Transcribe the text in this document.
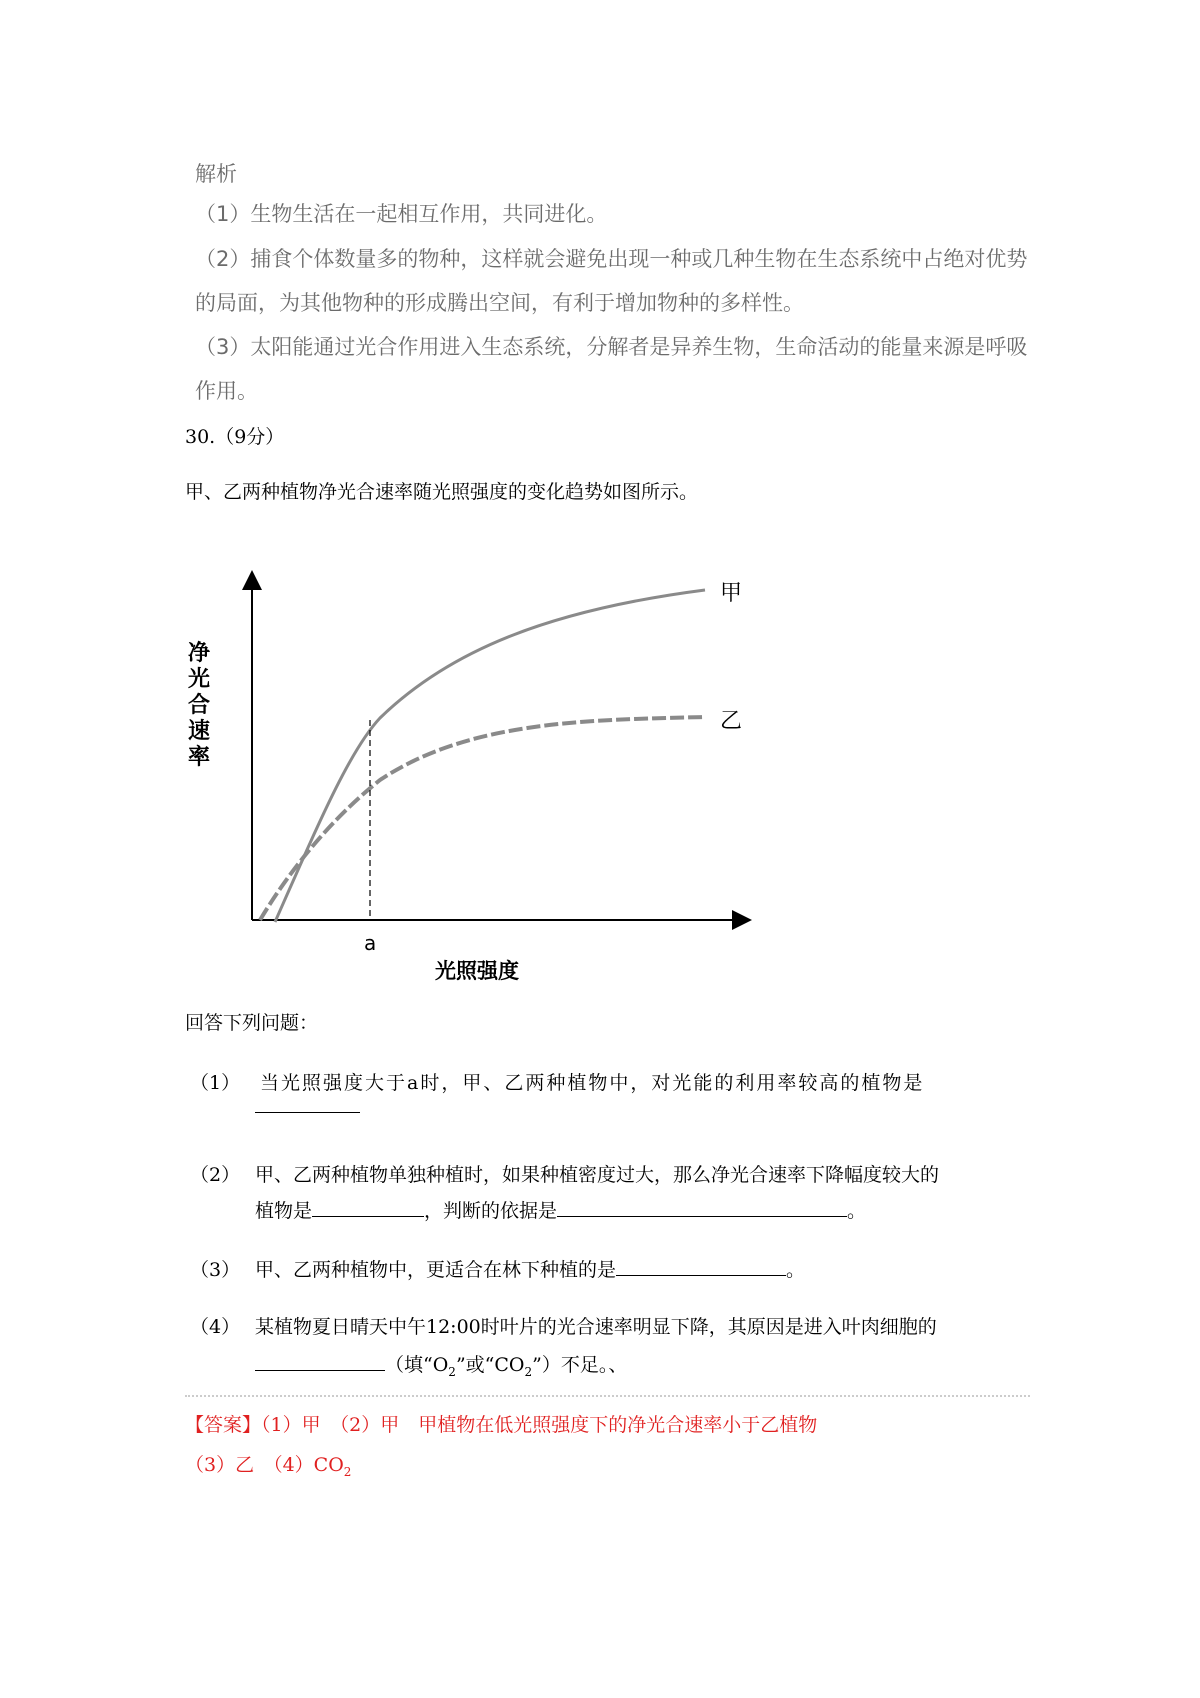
解析
（1）生物生活在一起相互作用，共同进化。
（2）捕食个体数量多的物种，这样就会避免出现一种或几种生物在生态系统中占绝对优势
的局面，为其他物种的形成腾出空间，有利于增加物种的多样性。
（3）太阳能通过光合作用进入生态系统，分解者是异养生物，生命活动的能量来源是呼吸
作用。
30.（9分）
甲、乙两种植物净光合速率随光照强度的变化趋势如图所示。
甲
乙
a
光照强度
净
光
合
速
率
回答下列问题：
（1） 当光照强度大于a时，甲、乙两种植物中，对光能的利用率较高的植物是
（2） 甲、乙两种植物单独种植时，如果种植密度过大，那么净光合速率下降幅度较大的
植物是	，判断的依据是	。
（3） 甲、乙两种植物中，更适合在林下种植的是	。
（4） 某植物夏日晴天中午12:00时叶片的光合速率明显下降，其原因是进入叶肉细胞的
（填“$O_2$”或“$CO_2$”）不足。、
【答案】（1）甲　（2）甲　甲植物在低光照强度下的净光合速率小于乙植物
（3）乙　$(4)CO_2$
